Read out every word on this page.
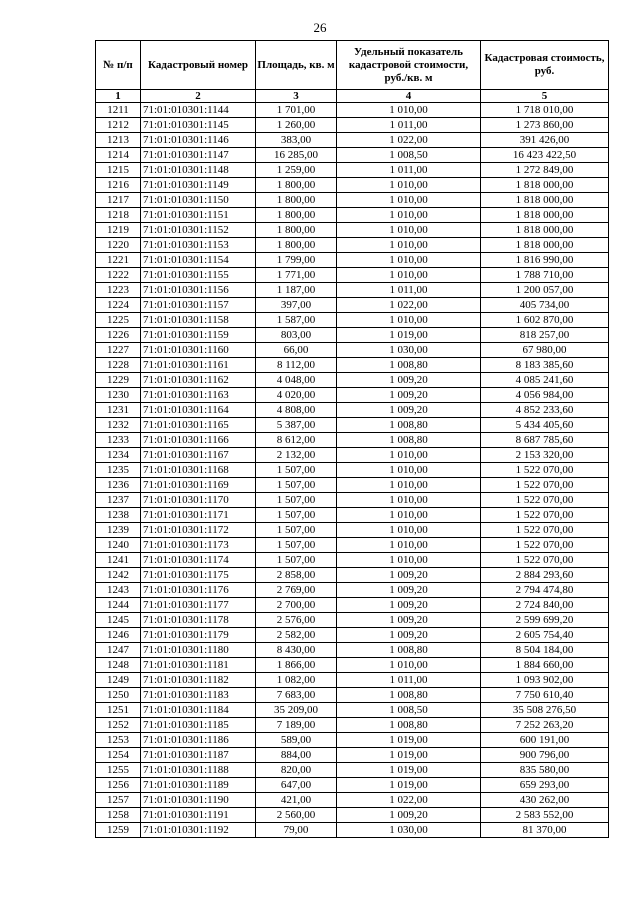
26
№ п/п	Кадастровый номер	Площадь, кв. м	Удельный показатель кадастровой стоимости, руб./кв. м	Кадастровая стоимость, руб.
1	2	3	4	5
1211	71:01:010301:1144	1 701,00	1 010,00	1 718 010,00
1212	71:01:010301:1145	1 260,00	1 011,00	1 273 860,00
1213	71:01:010301:1146	383,00	1 022,00	391 426,00
1214	71:01:010301:1147	16 285,00	1 008,50	16 423 422,50
1215	71:01:010301:1148	1 259,00	1 011,00	1 272 849,00
1216	71:01:010301:1149	1 800,00	1 010,00	1 818 000,00
1217	71:01:010301:1150	1 800,00	1 010,00	1 818 000,00
1218	71:01:010301:1151	1 800,00	1 010,00	1 818 000,00
1219	71:01:010301:1152	1 800,00	1 010,00	1 818 000,00
1220	71:01:010301:1153	1 800,00	1 010,00	1 818 000,00
1221	71:01:010301:1154	1 799,00	1 010,00	1 816 990,00
1222	71:01:010301:1155	1 771,00	1 010,00	1 788 710,00
1223	71:01:010301:1156	1 187,00	1 011,00	1 200 057,00
1224	71:01:010301:1157	397,00	1 022,00	405 734,00
1225	71:01:010301:1158	1 587,00	1 010,00	1 602 870,00
1226	71:01:010301:1159	803,00	1 019,00	818 257,00
1227	71:01:010301:1160	66,00	1 030,00	67 980,00
1228	71:01:010301:1161	8 112,00	1 008,80	8 183 385,60
1229	71:01:010301:1162	4 048,00	1 009,20	4 085 241,60
1230	71:01:010301:1163	4 020,00	1 009,20	4 056 984,00
1231	71:01:010301:1164	4 808,00	1 009,20	4 852 233,60
1232	71:01:010301:1165	5 387,00	1 008,80	5 434 405,60
1233	71:01:010301:1166	8 612,00	1 008,80	8 687 785,60
1234	71:01:010301:1167	2 132,00	1 010,00	2 153 320,00
1235	71:01:010301:1168	1 507,00	1 010,00	1 522 070,00
1236	71:01:010301:1169	1 507,00	1 010,00	1 522 070,00
1237	71:01:010301:1170	1 507,00	1 010,00	1 522 070,00
1238	71:01:010301:1171	1 507,00	1 010,00	1 522 070,00
1239	71:01:010301:1172	1 507,00	1 010,00	1 522 070,00
1240	71:01:010301:1173	1 507,00	1 010,00	1 522 070,00
1241	71:01:010301:1174	1 507,00	1 010,00	1 522 070,00
1242	71:01:010301:1175	2 858,00	1 009,20	2 884 293,60
1243	71:01:010301:1176	2 769,00	1 009,20	2 794 474,80
1244	71:01:010301:1177	2 700,00	1 009,20	2 724 840,00
1245	71:01:010301:1178	2 576,00	1 009,20	2 599 699,20
1246	71:01:010301:1179	2 582,00	1 009,20	2 605 754,40
1247	71:01:010301:1180	8 430,00	1 008,80	8 504 184,00
1248	71:01:010301:1181	1 866,00	1 010,00	1 884 660,00
1249	71:01:010301:1182	1 082,00	1 011,00	1 093 902,00
1250	71:01:010301:1183	7 683,00	1 008,80	7 750 610,40
1251	71:01:010301:1184	35 209,00	1 008,50	35 508 276,50
1252	71:01:010301:1185	7 189,00	1 008,80	7 252 263,20
1253	71:01:010301:1186	589,00	1 019,00	600 191,00
1254	71:01:010301:1187	884,00	1 019,00	900 796,00
1255	71:01:010301:1188	820,00	1 019,00	835 580,00
1256	71:01:010301:1189	647,00	1 019,00	659 293,00
1257	71:01:010301:1190	421,00	1 022,00	430 262,00
1258	71:01:010301:1191	2 560,00	1 009,20	2 583 552,00
1259	71:01:010301:1192	79,00	1 030,00	81 370,00
